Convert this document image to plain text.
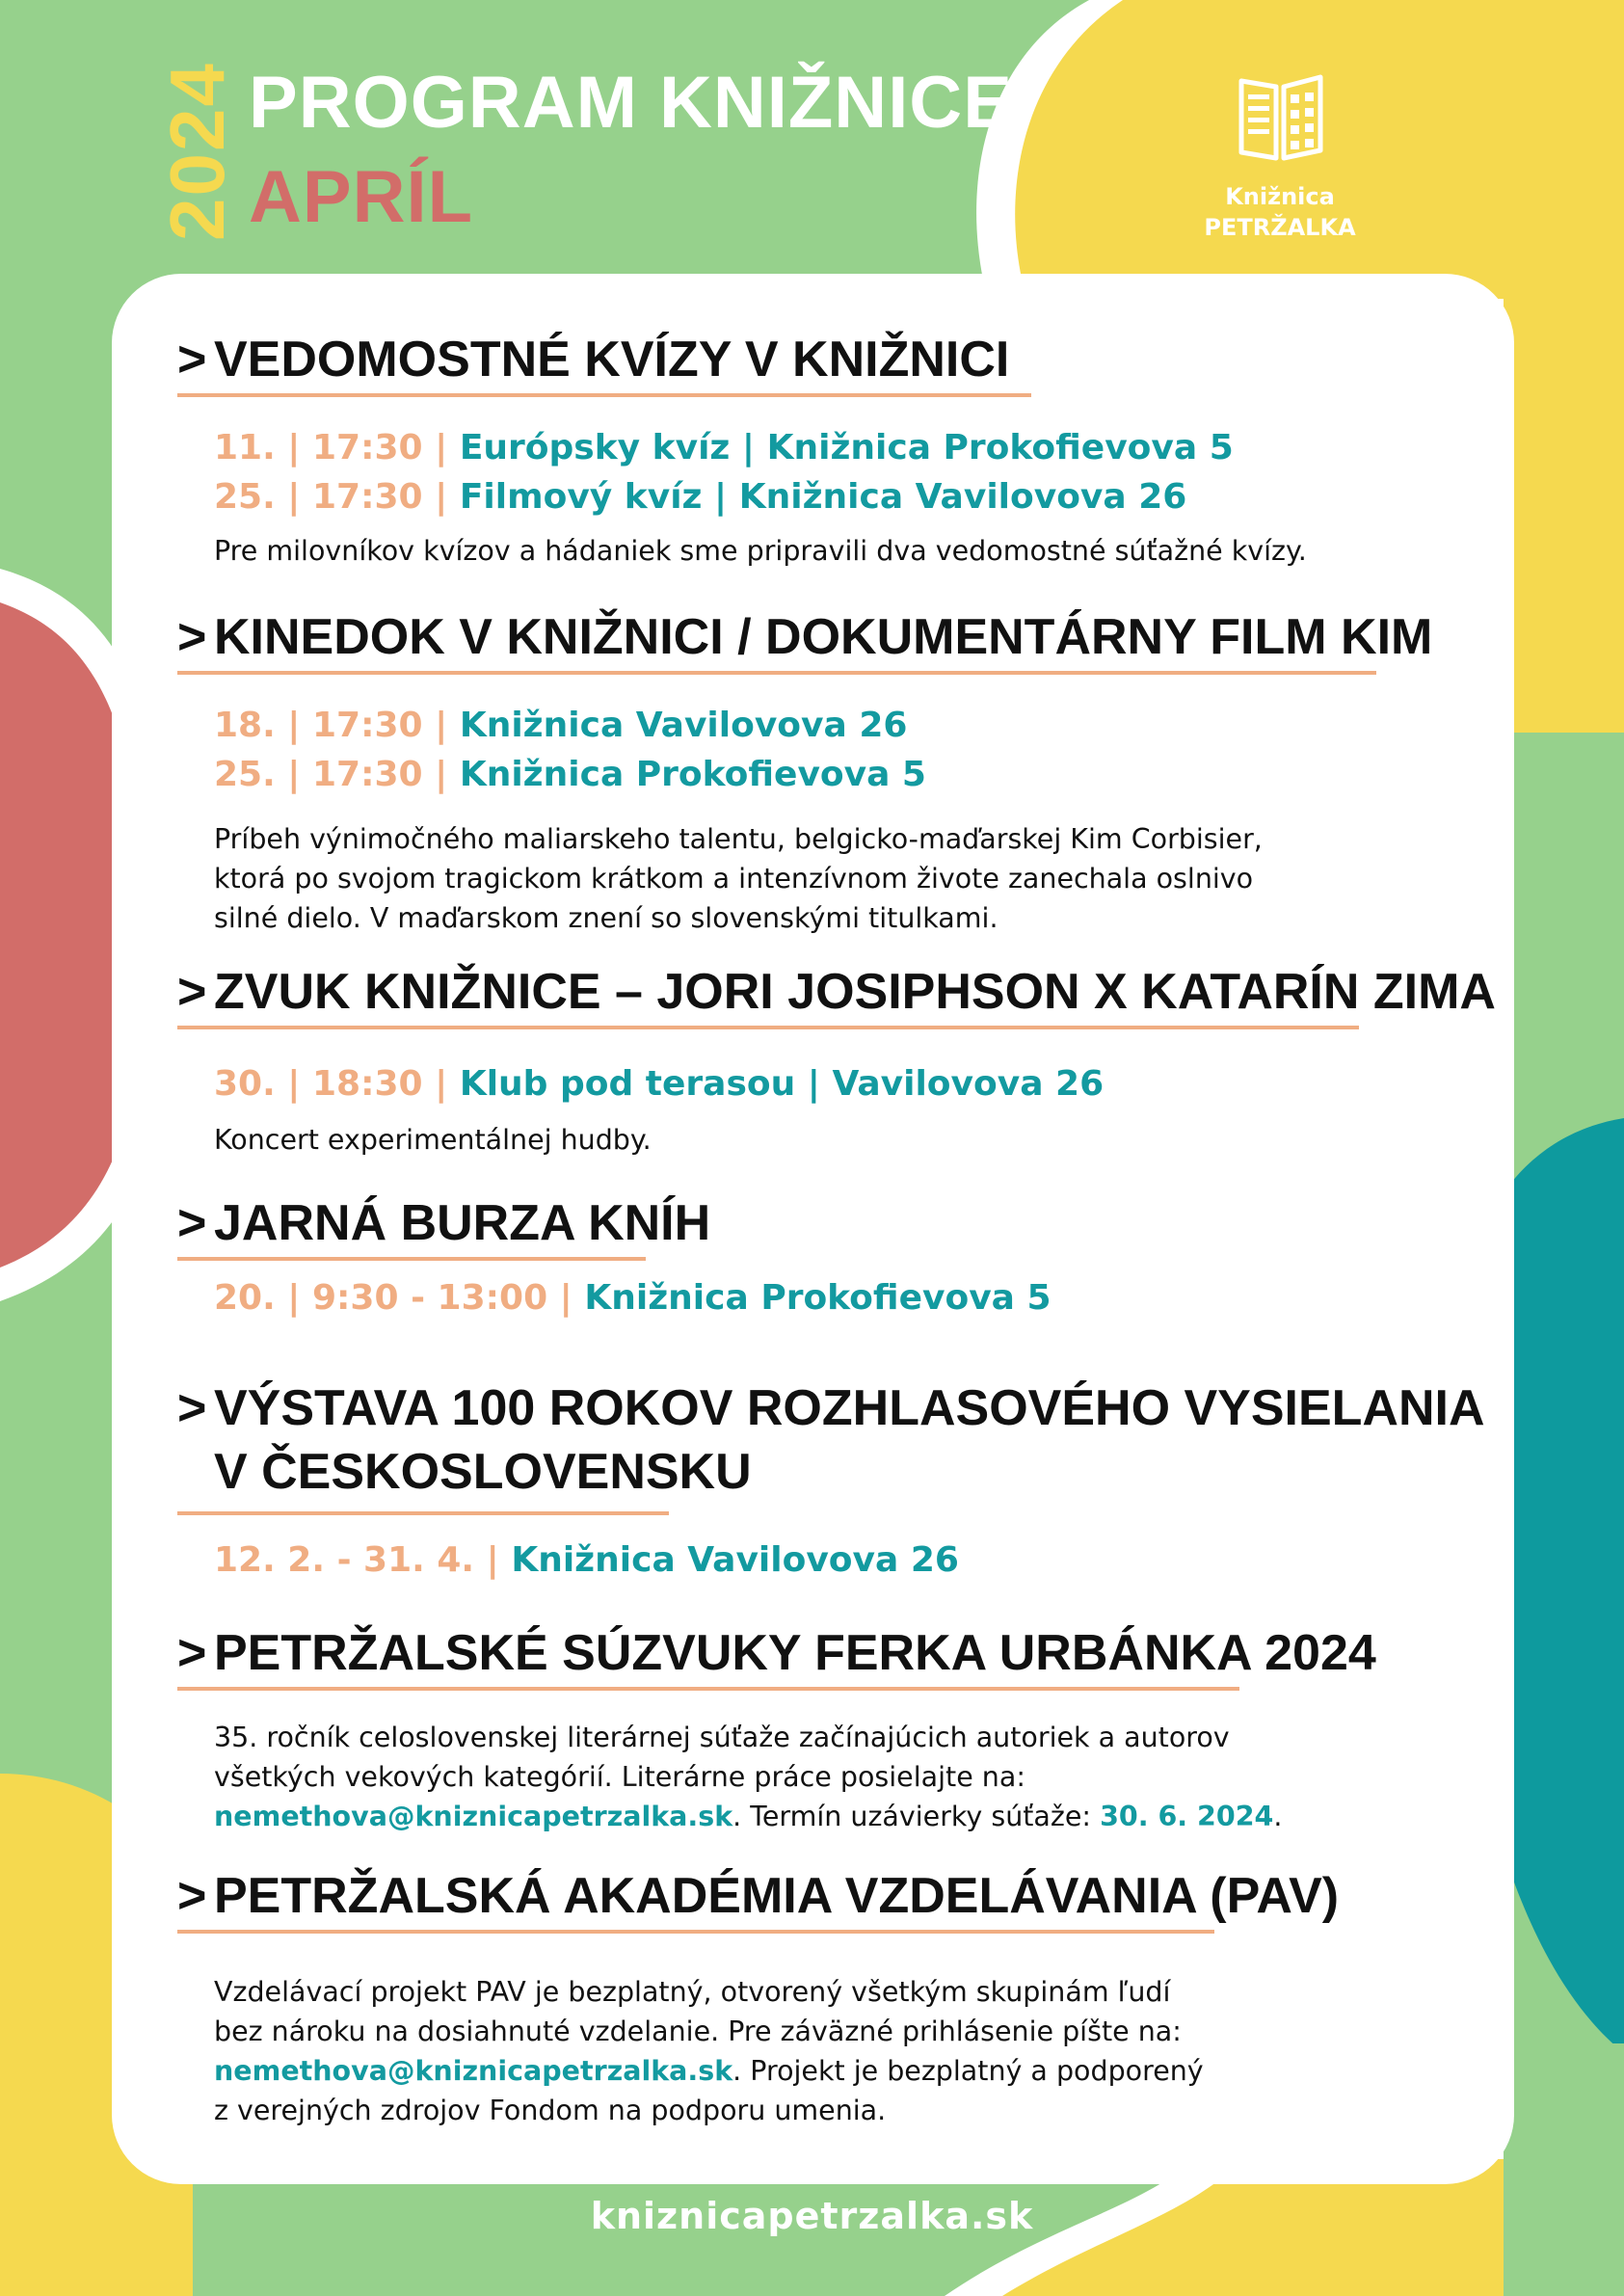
2024 PROGRAM KNIŽNICE
APRÍL	Knižnica
PETRŽALKA
> VEDOMOSTNÉ KVÍZY V KNIŽNICI
11. | 17:30 | Európsky kvíz | Knižnica Prokofievova 5
25. | 17:30 | Filmový kvíz | Knižnica Vavilovova 26
Pre milovníkov kvízov a hádaniek sme pripravili dva vedomostné súťažné kvízy.
> KINEDOK V KNIŽNICI / DOKUMENTÁRNY FILM KIM
18. | 17:30 | Knižnica Vavilovova 26
25. | 17:30 | Knižnica Prokofievova 5
Príbeh výnimočného maliarskeho talentu, belgicko-maďarskej Kim Corbisier,
ktorá po svojom tragickom krátkom a intenzívnom živote zanechala oslnivo
silné dielo. V maďarskom znení so slovenskými titulkami.
> ZVUK KNIŽNICE – JORI JOSIPHSON X KATARÍN ZIMA
30. | 18:30 | Klub pod terasou | Vavilovova 26
Koncert experimentálnej hudby.
> JARNÁ BURZA KNÍH
20. | 9:30 - 13:00 | Knižnica Prokofievova 5
> VÝSTAVA 100 ROKOV ROZHLASOVÉHO VYSIELANIA
V ČESKOSLOVENSKU
12. 2. - 31. 4. | Knižnica Vavilovova 26
> PETRŽALSKÉ SÚZVUKY FERKA URBÁNKA 2024
35. ročník celoslovenskej literárnej súťaže začínajúcich autoriek a autorov
všetkých vekových kategórií. Literárne práce posielajte na:
nemethova@kniznicapetrzalka.sk. Termín uzávierky súťaže: 30. 6. 2024.
> PETRŽALSKÁ AKADÉMIA VZDELÁVANIA (PAV)
Vzdelávací projekt PAV je bezplatný, otvorený všetkým skupinám ľudí
bez nároku na dosiahnuté vzdelanie. Pre záväzné prihlásenie píšte na:
nemethova@kniznicapetrzalka.sk. Projekt je bezplatný a podporený
z verejných zdrojov Fondom na podporu umenia.
kniznicapetrzalka.sk
